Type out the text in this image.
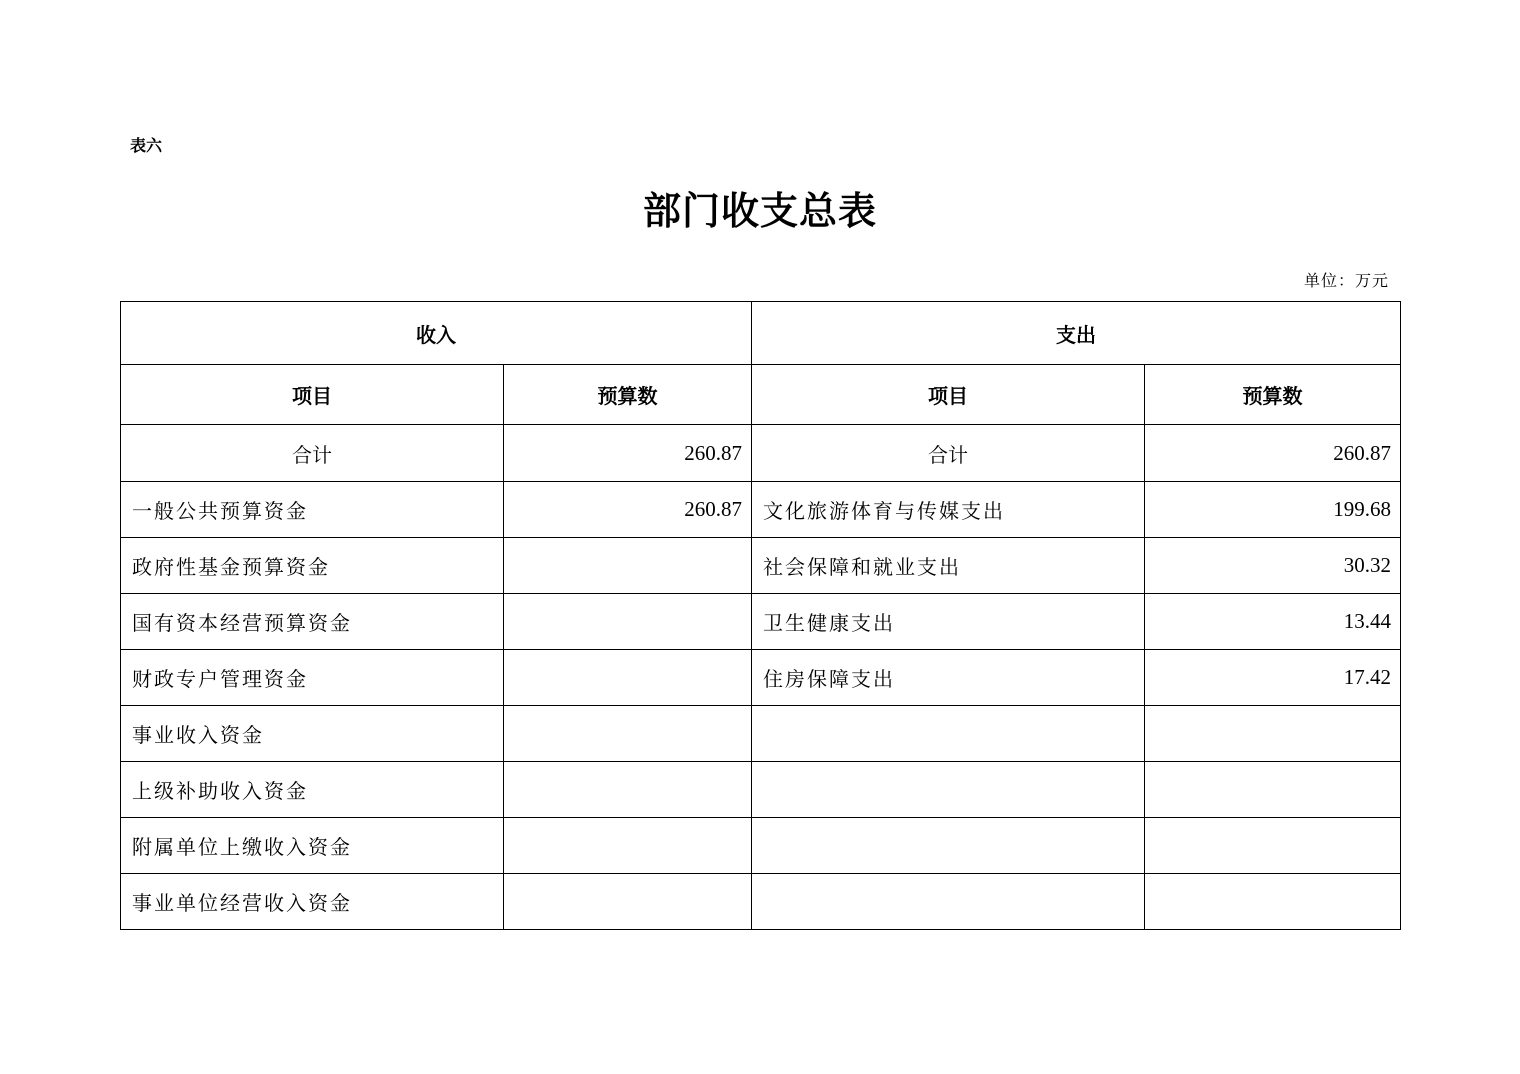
表六
部门收支总表
单位：万元
收入		支出	
项目	预算数	项目	预算数
合计	260.87	合计	260.87
一般公共预算资金	260.87	文化旅游体育与传媒支出	199.68
政府性基金预算资金		社会保障和就业支出	30.32
国有资本经营预算资金		卫生健康支出	13.44
财政专户管理资金		住房保障支出	17.42
事业收入资金			
上级补助收入资金			
附属单位上缴收入资金			
事业单位经营收入资金			
